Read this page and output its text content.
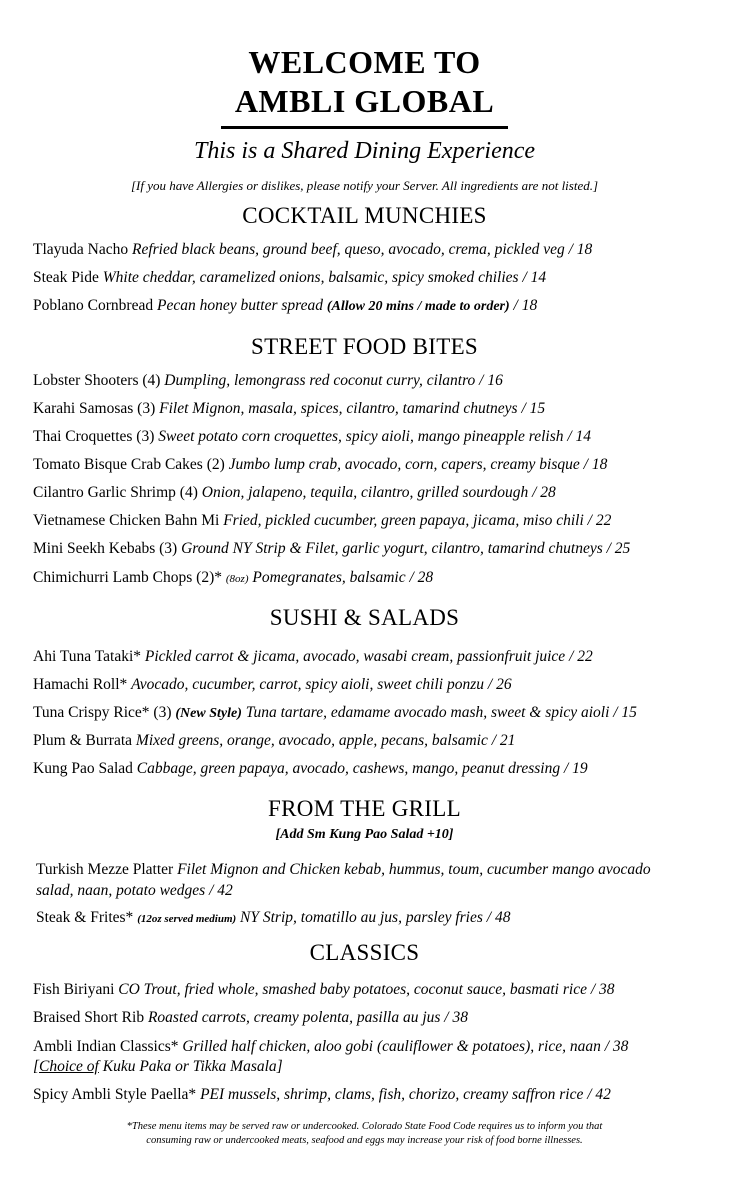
WELCOME TO
AMBLI GLOBAL
This is a Shared Dining Experience
[If you have Allergies or dislikes, please notify your Server. All ingredients are not listed.]
COCKTAIL MUNCHIES
Tlayuda Nacho Refried black beans, ground beef, queso, avocado, crema, pickled veg / 18
Steak Pide White cheddar, caramelized onions, balsamic, spicy smoked chilies / 14
Poblano Cornbread Pecan honey butter spread (Allow 20 mins / made to order) / 18
STREET FOOD BITES
Lobster Shooters (4) Dumpling, lemongrass red coconut curry, cilantro / 16
Karahi Samosas (3) Filet Mignon, masala, spices, cilantro, tamarind chutneys / 15
Thai Croquettes (3) Sweet potato corn croquettes, spicy aioli, mango pineapple relish / 14
Tomato Bisque Crab Cakes (2) Jumbo lump crab, avocado, corn, capers, creamy bisque / 18
Cilantro Garlic Shrimp (4) Onion, jalapeno, tequila, cilantro, grilled sourdough / 28
Vietnamese Chicken Bahn Mi Fried, pickled cucumber, green papaya, jicama, miso chili / 22
Mini Seekh Kebabs (3) Ground NY Strip & Filet, garlic yogurt, cilantro, tamarind chutneys / 25
Chimichurri Lamb Chops (2)* (8oz) Pomegranates, balsamic / 28
SUSHI & SALADS
Ahi Tuna Tataki* Pickled carrot & jicama, avocado, wasabi cream, passionfruit juice / 22
Hamachi Roll* Avocado, cucumber, carrot, spicy aioli, sweet chili ponzu / 26
Tuna Crispy Rice* (3) (New Style) Tuna tartare, edamame avocado mash, sweet & spicy aioli / 15
Plum & Burrata Mixed greens, orange, avocado, apple, pecans, balsamic / 21
Kung Pao Salad Cabbage, green papaya, avocado, cashews, mango, peanut dressing / 19
FROM THE GRILL
[Add Sm Kung Pao Salad +10]
Turkish Mezze Platter Filet Mignon and Chicken kebab, hummus, toum, cucumber mango avocado salad, naan, potato wedges / 42
Steak & Frites* (12oz served medium) NY Strip, tomatillo au jus, parsley fries / 48
CLASSICS
Fish Biriyani CO Trout, fried whole, smashed baby potatoes, coconut sauce, basmati rice / 38
Braised Short Rib Roasted carrots, creamy polenta, pasilla au jus / 38
Ambli Indian Classics* Grilled half chicken, aloo gobi (cauliflower & potatoes), rice, naan / 38
[Choice of Kuku Paka or Tikka Masala]
Spicy Ambli Style Paella* PEI mussels, shrimp, clams, fish, chorizo, creamy saffron rice / 42
*These menu items may be served raw or undercooked. Colorado State Food Code requires us to inform you that
consuming raw or undercooked meats, seafood and eggs may increase your risk of food borne illnesses.
